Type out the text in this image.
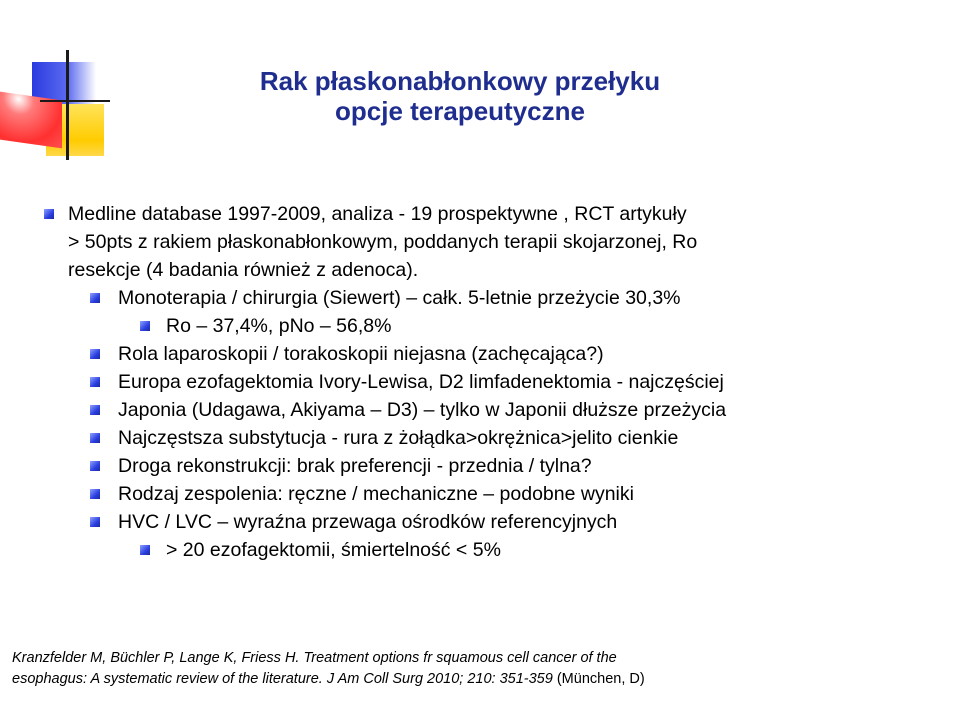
Rak płaskonabłonkowy przełyku
opcje terapeutyczne
Medline database 1997-2009, analiza - 19 prospektywne , RCT artykuły
> 50pts z rakiem płaskonabłonkowym, poddanych terapii skojarzonej, Ro
resekcje (4 badania również z adenoca).
Monoterapia / chirurgia (Siewert) – całk. 5-letnie przeżycie 30,3%
Ro – 37,4%, pNo – 56,8%
Rola laparoskopii / torakoskopii niejasna (zachęcająca?)
Europa ezofagektomia Ivory-Lewisa, D2 limfadenektomia - najczęściej
Japonia (Udagawa, Akiyama – D3) – tylko w Japonii dłuższe przeżycia
Najczęstsza substytucja - rura z żołądka>okrężnica>jelito cienkie
Droga rekonstrukcji: brak preferencji - przednia / tylna?
Rodzaj zespolenia: ręczne / mechaniczne – podobne wyniki
HVC / LVC – wyraźna przewaga ośrodków referencyjnych
> 20 ezofagektomii, śmiertelność < 5%
Kranzfelder M, Büchler P, Lange K, Friess H. Treatment options fr squamous cell cancer of the
esophagus: A systematic review of the literature. J Am Coll Surg 2010; 210: 351-359 (München, D)
